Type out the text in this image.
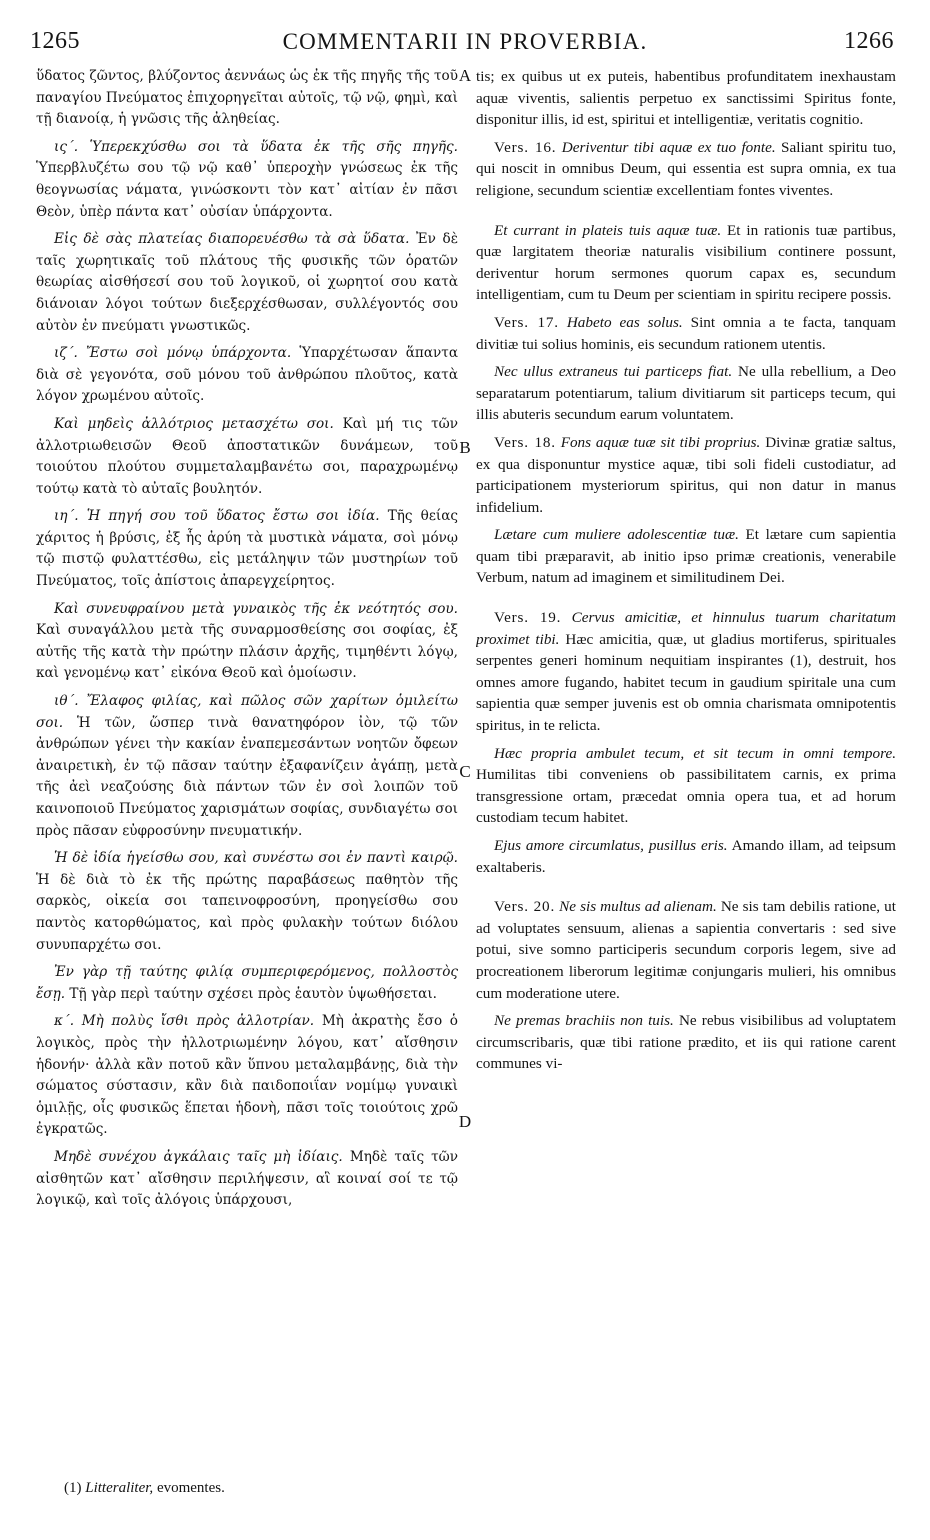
1265	COMMENTARII IN PROVERBIA.	1266

ὕδατος ζῶντος, βλύζοντος ἀεννάως ὡς ἐκ τῆς πηγῆς τῆς τοῦ παναγίου Πνεύματος ἐπιχορηγεῖται αὐτοῖς, τῷ νῷ, φημὶ, καὶ τῇ διανοίᾳ, ἡ γνῶσις τῆς ἀληθείας.

ις΄. Ὑπερεκχύσθω σοι τὰ ὕδατα ἐκ τῆς σῆς πηγῆς. Ὑπερβλυζέτω σου τῷ νῷ καθ᾽ ὑπεροχὴν γνώσεως ἐκ τῆς θεογνωσίας νάματα, γινώσκοντι τὸν κατ᾽ αἰτίαν ἐν πᾶσι Θεὸν, ὑπὲρ πάντα κατ᾽ οὐσίαν ὑπάρχοντα.

Εἰς δὲ σὰς πλατείας διαπορευέσθω τὰ σὰ ὕδατα. Ἐν δὲ ταῖς χωρητικαῖς τοῦ πλάτους τῆς φυσικῆς τῶν ὁρατῶν θεωρίας αἰσθήσεσί σου τοῦ λογικοῦ, οἱ χωρητοί σου κατὰ διάνοιαν λόγοι τούτων διεξερχέσθωσαν, συλλέγοντός σου αὐτὸν ἐν πνεύματι γνωστικῶς.

ιζ΄. Ἔστω σοὶ μόνῳ ὑπάρχοντα. Ὑπαρχέτωσαν ἅπαντα διὰ σὲ γεγονότα, σοῦ μόνου τοῦ ἀνθρώπου πλοῦτος, κατὰ λόγον χρωμένου αὐτοῖς.

Καὶ μηδεὶς ἀλλότριος μετασχέτω σοι. Καὶ μή τις τῶν ἀλλοτριωθεισῶν Θεοῦ ἀποστατικῶν δυνάμεων, τοῦ τοιούτου πλούτου συμμεταλαμβανέτω σοι, παραχρωμένῳ τούτῳ κατὰ τὸ αὐταῖς βουλητόν.

ιη΄. Ἡ πηγή σου τοῦ ὕδατος ἔστω σοι ἰδία. Τῆς θείας χάριτος ἡ βρύσις, ἐξ ἧς ἀρύη τὰ μυστικὰ νάματα, σοὶ μόνῳ τῷ πιστῷ φυλαττέσθω, εἰς μετάληψιν τῶν μυστηρίων τοῦ Πνεύματος, τοῖς ἀπίστοις ἀπαρεγχείρητος.

Καὶ συνευφραίνου μετὰ γυναικὸς τῆς ἐκ νεότητός σου. Καὶ συναγάλλου μετὰ τῆς συναρμοσθείσης σοι σοφίας, ἐξ αὐτῆς τῆς κατὰ τὴν πρώτην πλάσιν ἀρχῆς, τιμηθέντι λόγῳ, καὶ γενομένῳ κατ᾽ εἰκόνα Θεοῦ καὶ ὁμοίωσιν.

ιθ΄. Ἔλαφος φιλίας, καὶ πῶλος σῶν χαρίτων ὁμιλείτω σοι. Ἡ τῶν, ὥσπερ τινὰ θανατηφόρον ἰὸν, τῷ τῶν ἀνθρώπων γένει τὴν κακίαν ἐναπεμεσάντων νοητῶν ὄφεων ἀναιρετικὴ, ἐν τῷ πᾶσαν ταύτην ἐξαφανίζειν ἀγάπῃ, μετὰ τῆς ἀεὶ νεαζούσης διὰ πάντων τῶν ἐν σοὶ λοιπῶν τοῦ καινοποιοῦ Πνεύματος χαρισμάτων σοφίας, συνδιαγέτω σοι πρὸς πᾶσαν εὐφροσύνην πνευματικήν.

Ἡ δὲ ἰδία ἡγείσθω σου, καὶ συνέστω σοι ἐν παντὶ καιρῷ. Ἡ δὲ διὰ τὸ ἐκ τῆς πρώτης παραβάσεως παθητὸν τῆς σαρκὸς, οἰκεία σοι ταπεινοφροσύνη, προηγείσθω σου παντὸς κατορθώματος, καὶ πρὸς φυλακὴν τούτων διόλου συνυπαρχέτω σοι.

Ἐν γὰρ τῇ ταύτης φιλίᾳ συμπεριφερόμενος, πολλοστὸς ἔσῃ. Τῇ γὰρ περὶ ταύτην σχέσει πρὸς ἑαυτὸν ὑψωθήσεται.

κ΄. Μὴ πολὺς ἴσθι πρὸς ἀλλοτρίαν. Μὴ ἀκρατὴς ἔσο ὁ λογικὸς, πρὸς τὴν ἠλλοτριωμένην λόγου, κατ᾽ αἴσθησιν ἡδονήν· ἀλλὰ κἂν ποτοῦ κἂν ὕπνου μεταλαμβάνῃς, διὰ τὴν σώματος σύστασιν, κἂν διὰ παιδοποιΐαν νομίμῳ γυναικὶ ὁμιλῇς, οἷς φυσικῶς ἕπεται ἡδονὴ, πᾶσι τοῖς τοιούτοις χρῶ ἐγκρατῶς.

Μηδὲ συνέχου ἀγκάλαις ταῖς μὴ ἰδίαις. Μηδὲ ταῖς τῶν αἰσθητῶν κατ᾽ αἴσθησιν περιλήψεσιν, αἳ κοιναί σοί τε τῷ λογικῷ, καὶ τοῖς ἀλόγοις ὑπάρχουσι,

tis; ex quibus ut ex puteis, habentibus profunditatem inexhaustam aquæ viventis, salientis perpetuo ex sanctissimi Spiritus fonte, disponitur illis, id est, spiritui et intelligentiæ, veritatis cognitio.

Vers. 16. Deriventur tibi aquæ ex tuo fonte. Saliant spiritu tuo, qui noscit in omnibus Deum, qui essentia est supra omnia, ex tua religione, secundum scientiæ excellentiam fontes viventes.

Et currant in plateis tuis aquæ tuæ. Et in rationis tuæ partibus, quæ largitatem theoriæ naturalis visibilium continere possunt, deriventur horum sermones quorum capax es, secundum intelligentiam, cum tu Deum per scientiam in spiritu recipere possis.

Vers. 17. Habeto eas solus. Sint omnia a te facta, tanquam divitiæ tui solius hominis, eis secundum rationem utentis.

Nec ullus extraneus tui particeps fiat. Ne ulla rebellium, a Deo separatarum potentiarum, talium divitiarum sit particeps tecum, qui illis abuteris secundum earum voluntatem.

Vers. 18. Fons aquæ tuæ sit tibi proprius. Divinæ gratiæ saltus, ex qua disponuntur mystice aquæ, tibi soli fideli custodiatur, ad participationem mysteriorum spiritus, qui non datur in manus infidelium.

Lætare cum muliere adolescentiæ tuæ. Et lætare cum sapientia quam tibi præparavit, ab initio ipso primæ creationis, venerabile Verbum, natum ad imaginem et similitudinem Dei.

Vers. 19. Cervus amicitiæ, et hinnulus tuarum charitatum proximet tibi. Hæc amicitia, quæ, ut gladius mortiferus, spirituales serpentes generi hominum nequitiam inspirantes (1), destruit, hos omnes amore fugando, habitet tecum in gaudium spiritale una cum sapientia quæ semper juvenis est ob omnia charismata omnipotentis spiritus, in te relicta.

Hæc propria ambulet tecum, et sit tecum in omni tempore. Humilitas tibi conveniens ob passibilitatem carnis, ex prima transgressione ortam, præcedat omnia opera tua, et ad horum custodiam tecum habitet.

Ejus amore circumlatus, pusillus eris. Amando illam, ad teipsum exaltaberis.

Vers. 20. Ne sis multus ad alienam. Ne sis tam debilis ratione, ut ad voluptates sensuum, alienas a sapientia convertaris : sed sive potui, sive somno participeris secundum corporis legem, sive ad procreationem liberorum legitimæ conjungaris mulieri, his omnibus cum moderatione utere.

Ne premas brachiis non tuis. Ne rebus visibilibus ad voluptatem circumscribaris, quæ tibi ratione prædito, et iis qui ratione carent communes vi-

A
B
C
D
(1) Litteraliter, evomentes.
